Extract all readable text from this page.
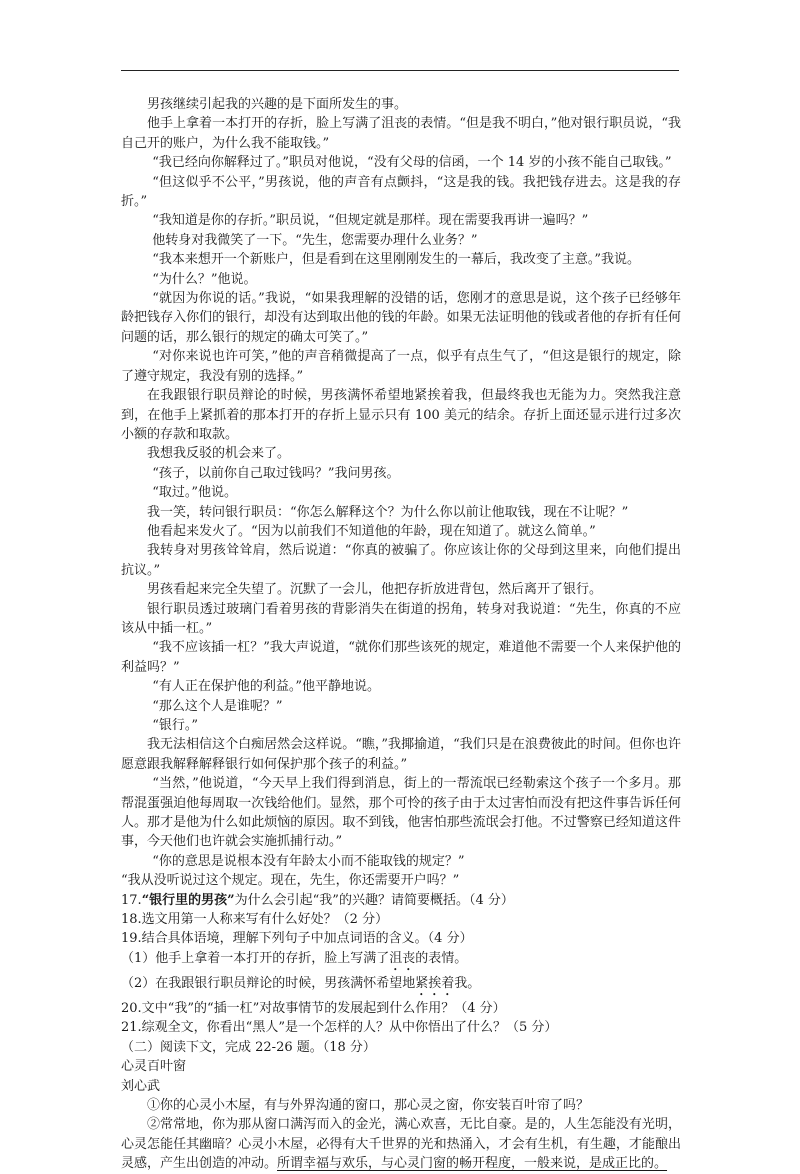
男孩继续引起我的兴趣的是下面所发生的事。

他手上拿着一本打开的存折，脸上写满了沮丧的表情。“但是我不明白，”他对银行职员说，“我自己开的账户，为什么我不能取钱。”

“我已经向你解释过了。”职员对他说，“没有父母的信函，一个 14 岁的小孩不能自己取钱。”

“但这似乎不公平，”男孩说，他的声音有点颤抖，“这是我的钱。我把钱存进去。这是我的存折。”

“我知道是你的存折。”职员说，“但规定就是那样。现在需要我再讲一遍吗？”

他转身对我微笑了一下。“先生，您需要办理什么业务？”

“我本来想开一个新账户，但是看到在这里刚刚发生的一幕后，我改变了主意。”我说。

“为什么？”他说。

“就因为你说的话。”我说，“如果我理解的没错的话，您刚才的意思是说，这个孩子已经够年龄把钱存入你们的银行，却没有达到取出他的钱的年龄。如果无法证明他的钱或者他的存折有任何问题的话，那么银行的规定的确太可笑了。”

“对你来说也许可笑，”他的声音稍微提高了一点，似乎有点生气了，“但这是银行的规定，除了遵守规定，我没有别的选择。”

在我跟银行职员辩论的时候，男孩满怀希望地紧挨着我，但最终我也无能为力。突然我注意到，在他手上紧抓着的那本打开的存折上显示只有 100 美元的结余。存折上面还显示进行过多次小额的存款和取款。

我想我反驳的机会来了。

“孩子，以前你自己取过钱吗？”我问男孩。

“取过。”他说。

我一笑，转问银行职员：“你怎么解释这个？为什么你以前让他取钱，现在不让呢？”

他看起来发火了。“因为以前我们不知道他的年龄，现在知道了。就这么简单。”

我转身对男孩耸耸肩，然后说道：“你真的被骗了。你应该让你的父母到这里来，向他们提出抗议。”

男孩看起来完全失望了。沉默了一会儿，他把存折放进背包，然后离开了银行。

银行职员透过玻璃门看着男孩的背影消失在街道的拐角，转身对我说道：“先生，你真的不应该从中插一杠。”

“我不应该插一杠？”我大声说道，“就你们那些该死的规定，难道他不需要一个人来保护他的利益吗？”

“有人正在保护他的利益。”他平静地说。

“那么这个人是谁呢？”

“银行。”

我无法相信这个白痴居然会这样说。“瞧，”我揶揄道，“我们只是在浪费彼此的时间。但你也许愿意跟我解释解释银行如何保护那个孩子的利益。”

“当然，”他说道，“今天早上我们得到消息，街上的一帮流氓已经勒索这个孩子一个多月。那帮混蛋强迫他每周取一次钱给他们。显然，那个可怜的孩子由于太过害怕而没有把这件事告诉任何人。那才是他为什么如此烦恼的原因。取不到钱，他害怕那些流氓会打他。不过警察已经知道这件事，今天他们也许就会实施抓捕行动。”

“你的意思是说根本没有年龄太小而不能取钱的规定？”

“我从没听说过这个规定。现在，先生，你还需要开户吗？”

17.“银行里的男孩”为什么会引起“我”的兴趣？请简要概括。（4 分）

18.选文用第一人称来写有什么好处？（2 分）

19.结合具体语境，理解下列句子中加点词语的含义。（4 分）

（1）他手上拿着一本打开的存折，脸上写满了沮丧的表情。

（2）在我跟银行职员辩论的时候，男孩满怀希望地紧挨着我。

20.文中“我”的“插一杠”对故事情节的发展起到什么作用？（4 分）

21.综观全文，你看出“黑人”是一个怎样的人？从中你悟出了什么？（5 分）

（二）阅读下文，完成 22-26 题。（18 分）

心灵百叶窗

刘心武

①你的心灵小木屋，有与外界沟通的窗口，那心灵之窗，你安装百叶帘了吗？

②常常地，你为那从窗口满泻而入的金光，满心欢喜，无比自豪。是的，人生怎能没有光明，心灵怎能任其幽暗？心灵小木屋，必得有大千世界的光和热涌入，才会有生机，有生趣，才能酿出灵感，产生出创造的冲动。所谓幸福与欢乐，与心灵门窗的畅开程度，一般来说，是成正比的。
